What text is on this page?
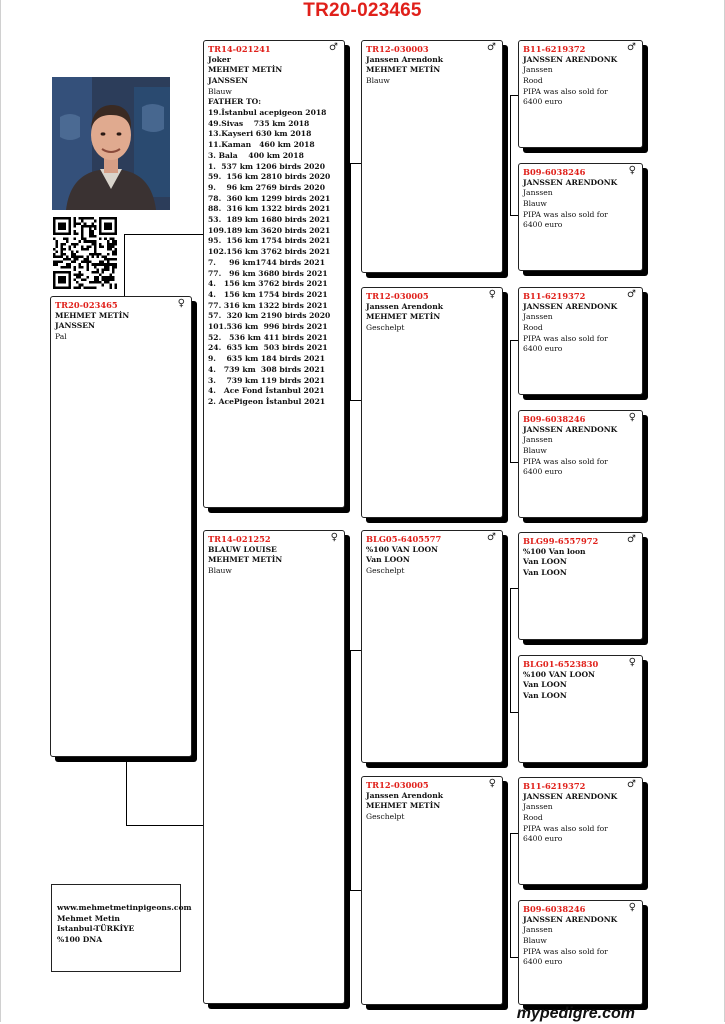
TR20-023465
TR20-023465	♀
MEHMET METİN
JANSSEN
Pal
TR14-021241	♂
Joker
MEHMET METİN
JANSSEN
Blauw
FATHER TO:
19.İstanbul acepigeon 2018
49.Sivas    735 km 2018
13.Kayseri 630 km 2018
11.Kaman   460 km 2018
3. Bala    400 km 2018
1.  537 km 1206 birds 2020
59.  156 km 2810 birds 2020
9.    96 km 2769 birds 2020
78.  360 km 1299 birds 2021
88.  316 km 1322 birds 2021
53.  189 km 1680 birds 2021
109.189 km 3620 birds 2021
95.  156 km 1754 birds 2021
102.156 km 3762 birds 2021
7.     96 km1744 birds 2021
77.   96 km 3680 birds 2021
4.   156 km 3762 birds 2021
4.   156 km 1754 birds 2021
77. 316 km 1322 birds 2021
57.  320 km 2190 birds 2020
101.536 km  996 birds 2021
52.   536 km 411 birds 2021
24.  635 km  503 birds 2021
9.    635 km 184 birds 2021
4.   739 km  308 birds 2021
3.    739 km 119 birds 2021
4.   Ace Fond İstanbul 2021
2. AcePigeon İstanbul 2021
TR14-021252	♀
BLAUW LOUISE
MEHMET METİN
Blauw
TR12-030003	♂
Janssen Arendonk
MEHMET METİN
Blauw
TR12-030005	♀
Janssen Arendonk
MEHMET METİN
Geschelpt
BLG05-6405577	♂
%100 VAN LOON
Van LOON
Geschelpt
TR12-030005	♀
Janssen Arendonk
MEHMET METİN
Geschelpt
B11-6219372	♂
JANSSEN ARENDONK
Janssen
Rood
PIPA was also sold for
6400 euro
B09-6038246	♀
JANSSEN ARENDONK
Janssen
Blauw
PIPA was also sold for
6400 euro
B11-6219372	♂
JANSSEN ARENDONK
Janssen
Rood
PIPA was also sold for
6400 euro
B09-6038246	♀
JANSSEN ARENDONK
Janssen
Blauw
PIPA was also sold for
6400 euro
BLG99-6557972	♂
%100 Van loon
Van LOON
Van LOON
BLG01-6523830	♀
%100 VAN LOON
Van LOON
Van LOON
B11-6219372	♂
JANSSEN ARENDONK
Janssen
Rood
PIPA was also sold for
6400 euro
B09-6038246	♀
JANSSEN ARENDONK
Janssen
Blauw
PIPA was also sold for
6400 euro
www.mehmetmetinpigeons.com
Mehmet Metin
Istanbul-TÜRKİYE
%100 DNA
mypedigre.com
